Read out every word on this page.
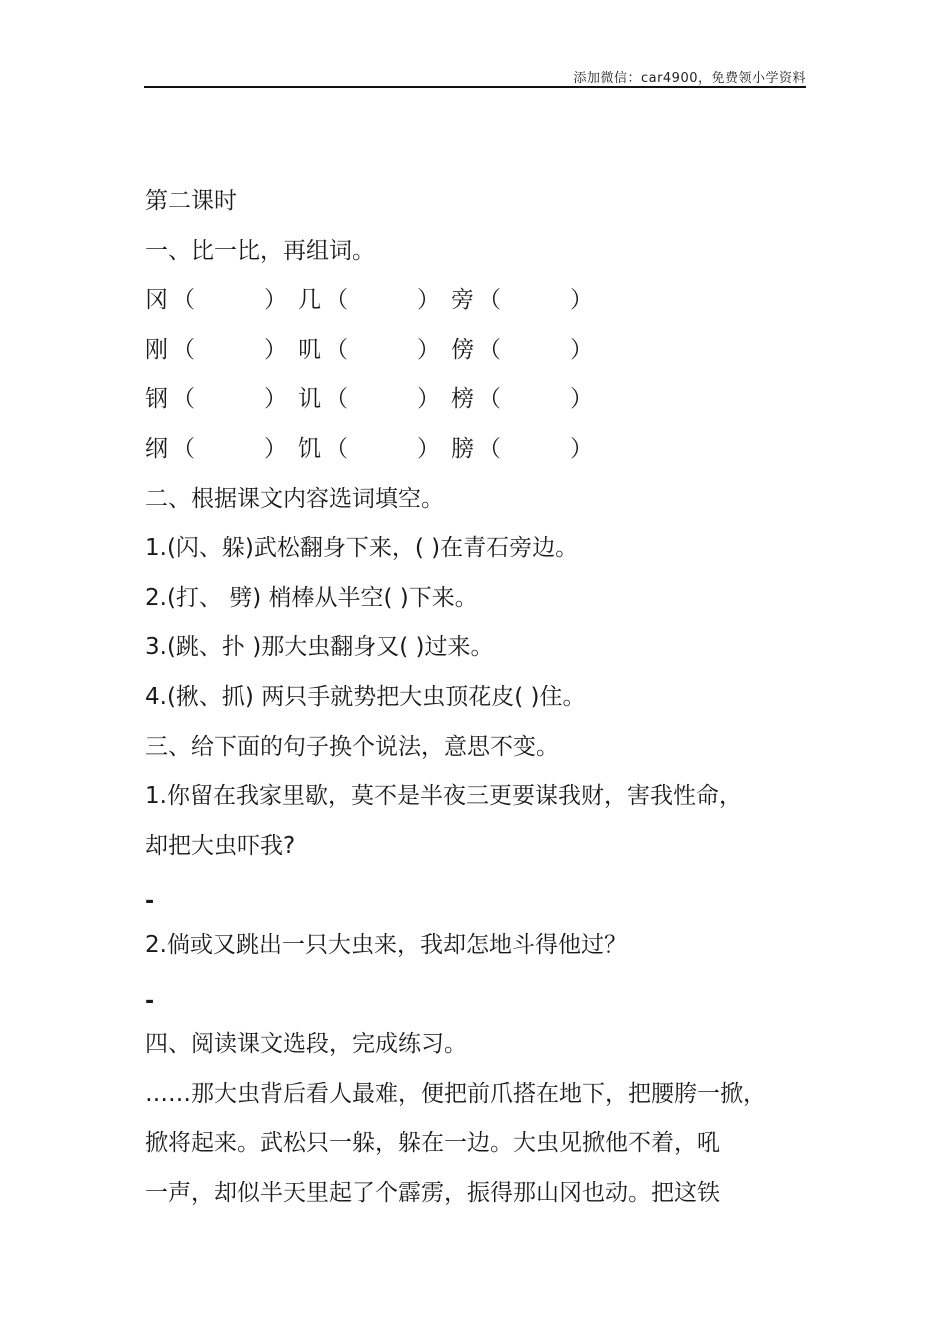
添加微信：car4900，免费领小学资料
第二课时
一、比一比，再组词。
冈 （　　　） 几 （　　　） 旁 （　　　）
刚 （　　　） 叽 （　　　） 傍 （　　　）
钢 （　　　） 讥 （　　　） 榜 （　　　）
纲 （　　　） 饥 （　　　） 膀 （　　　）
二、根据课文内容选词填空。
1.(闪、躲)武松翻身下来，( )在青石旁边。
2.(打、 劈) 梢棒从半空( )下来。
3.(跳、扑 )那大虫翻身又( )过来。
4.(揪、抓) 两只手就势把大虫顶花皮( )住。
三、给下面的句子换个说法，意思不变。
1.你留在我家里歇，莫不是半夜三更要谋我财，害我性命，
却把大虫吓我?
-
2.倘或又跳出一只大虫来，我却怎地斗得他过？
-
四、阅读课文选段，完成练习。
……那大虫背后看人最难，便把前爪搭在地下，把腰胯一掀，
掀将起来。武松只一躲，躲在一边。大虫见掀他不着，吼
一声，却似半天里起了个霹雳，振得那山冈也动。把这铁
